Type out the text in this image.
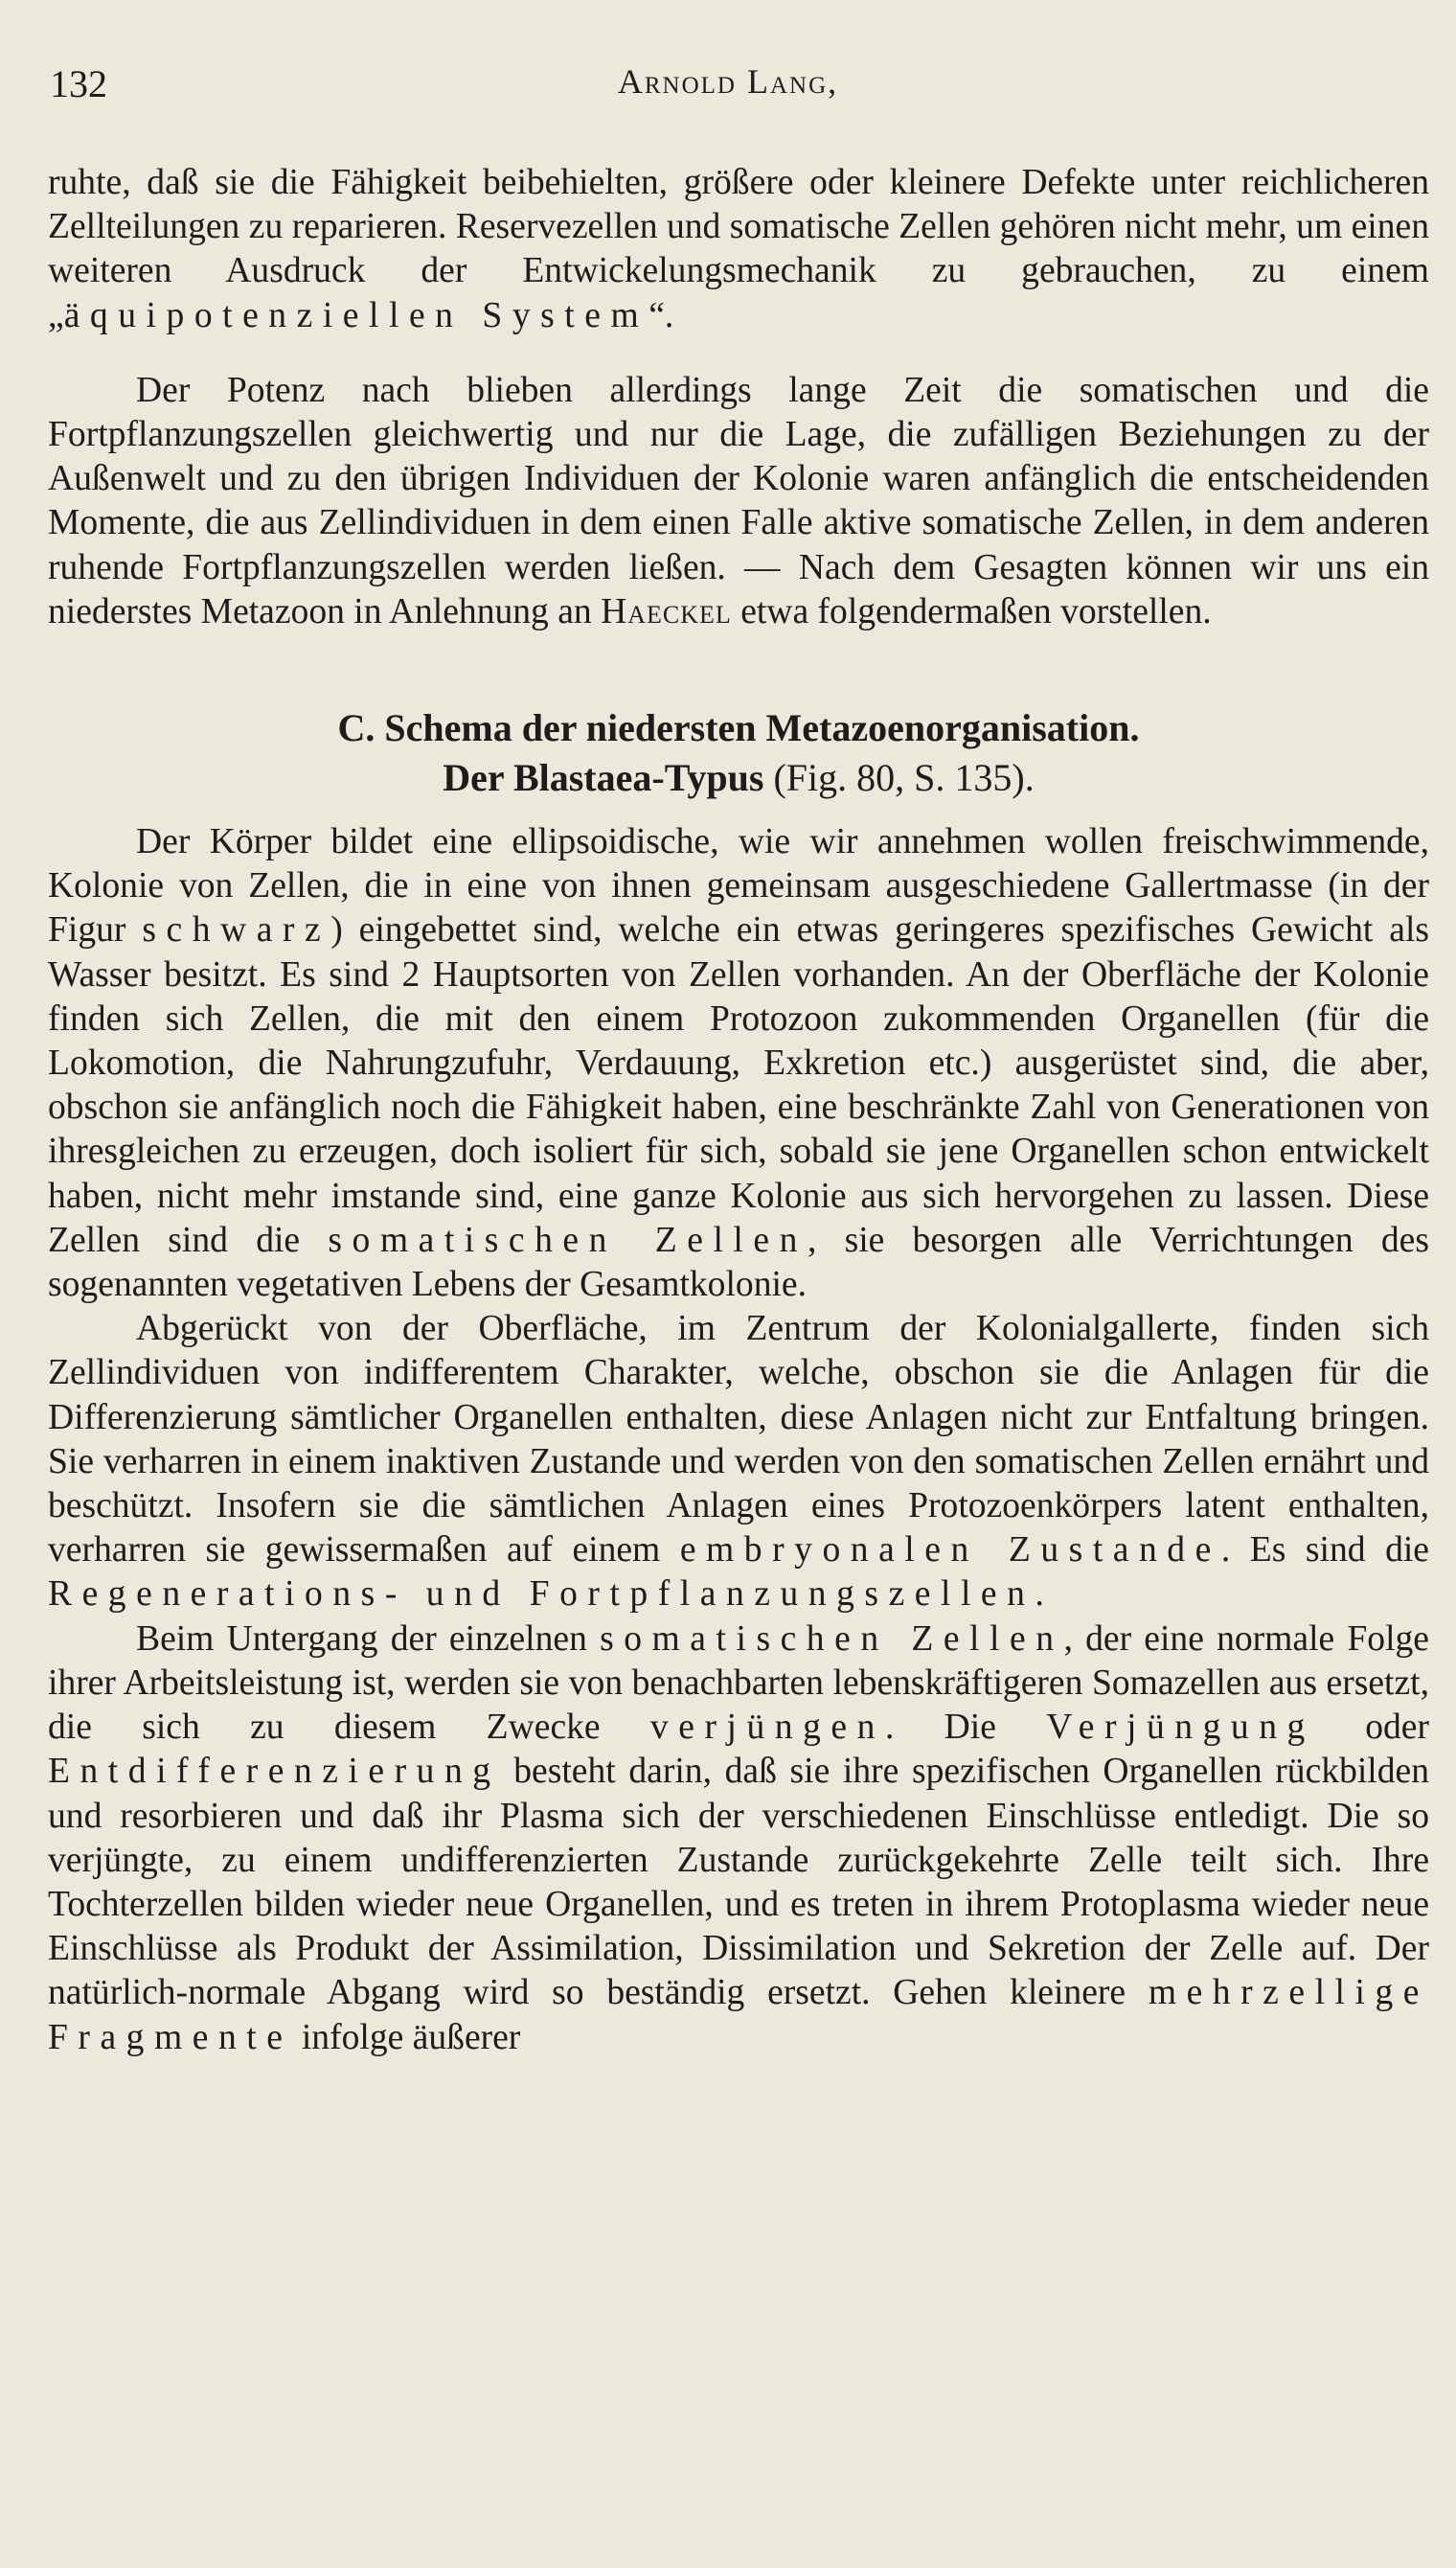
132	Arnold Lang,

ruhte, daß sie die Fähigkeit beibehielten, größere oder kleinere Defekte unter reichlicheren Zellteilungen zu reparieren. Reservezellen und somatische Zellen gehören nicht mehr, um einen weiteren Ausdruck der Entwickelungsmechanik zu gebrauchen, zu einem „äquipotenziellen System“.

Der Potenz nach blieben allerdings lange Zeit die somatischen und die Fortpflanzungszellen gleichwertig und nur die Lage, die zufälligen Beziehungen zu der Außenwelt und zu den übrigen Individuen der Kolonie waren anfänglich die entscheidenden Momente, die aus Zellindividuen in dem einen Falle aktive somatische Zellen, in dem anderen ruhende Fortpflanzungszellen werden ließen. — Nach dem Gesagten können wir uns ein niederstes Metazoon in Anlehnung an Haeckel etwa folgendermaßen vorstellen.

C. Schema der niedersten Metazoenorganisation.
Der Blastaea-Typus (Fig. 80, S. 135).

Der Körper bildet eine ellipsoidische, wie wir annehmen wollen freischwimmende, Kolonie von Zellen, die in eine von ihnen gemeinsam ausgeschiedene Gallertmasse (in der Figur schwarz) eingebettet sind, welche ein etwas geringeres spezifisches Gewicht als Wasser besitzt. Es sind 2 Hauptsorten von Zellen vorhanden. An der Oberfläche der Kolonie finden sich Zellen, die mit den einem Protozoon zukommenden Organellen (für die Lokomotion, die Nahrungzufuhr, Verdauung, Exkretion etc.) ausgerüstet sind, die aber, obschon sie anfänglich noch die Fähigkeit haben, eine beschränkte Zahl von Generationen von ihresgleichen zu erzeugen, doch isoliert für sich, sobald sie jene Organellen schon entwickelt haben, nicht mehr imstande sind, eine ganze Kolonie aus sich hervorgehen zu lassen. Diese Zellen sind die somatischen Zellen, sie besorgen alle Verrichtungen des sogenannten vegetativen Lebens der Gesamtkolonie.

Abgerückt von der Oberfläche, im Zentrum der Kolonialgallerte, finden sich Zellindividuen von indifferentem Charakter, welche, obschon sie die Anlagen für die Differenzierung sämtlicher Organellen enthalten, diese Anlagen nicht zur Entfaltung bringen. Sie verharren in einem inaktiven Zustande und werden von den somatischen Zellen ernährt und beschützt. Insofern sie die sämtlichen Anlagen eines Protozoenkörpers latent enthalten, verharren sie gewissermaßen auf einem embryonalen Zustande. Es sind die Regenerations- und Fortpflanzungszellen.

Beim Untergang der einzelnen somatischen Zellen, der eine normale Folge ihrer Arbeitsleistung ist, werden sie von benachbarten lebenskräftigeren Somazellen aus ersetzt, die sich zu diesem Zwecke verjüngen. Die Verjüngung oder Entdifferenzierung besteht darin, daß sie ihre spezifischen Organellen rückbilden und resorbieren und daß ihr Plasma sich der verschiedenen Einschlüsse entledigt. Die so verjüngte, zu einem undifferenzierten Zustande zurückgekehrte Zelle teilt sich. Ihre Tochterzellen bilden wieder neue Organellen, und es treten in ihrem Protoplasma wieder neue Einschlüsse als Produkt der Assimilation, Dissimilation und Sekretion der Zelle auf. Der natürlich-normale Abgang wird so beständig ersetzt. Gehen kleinere mehrzellige Fragmente infolge äußerer
